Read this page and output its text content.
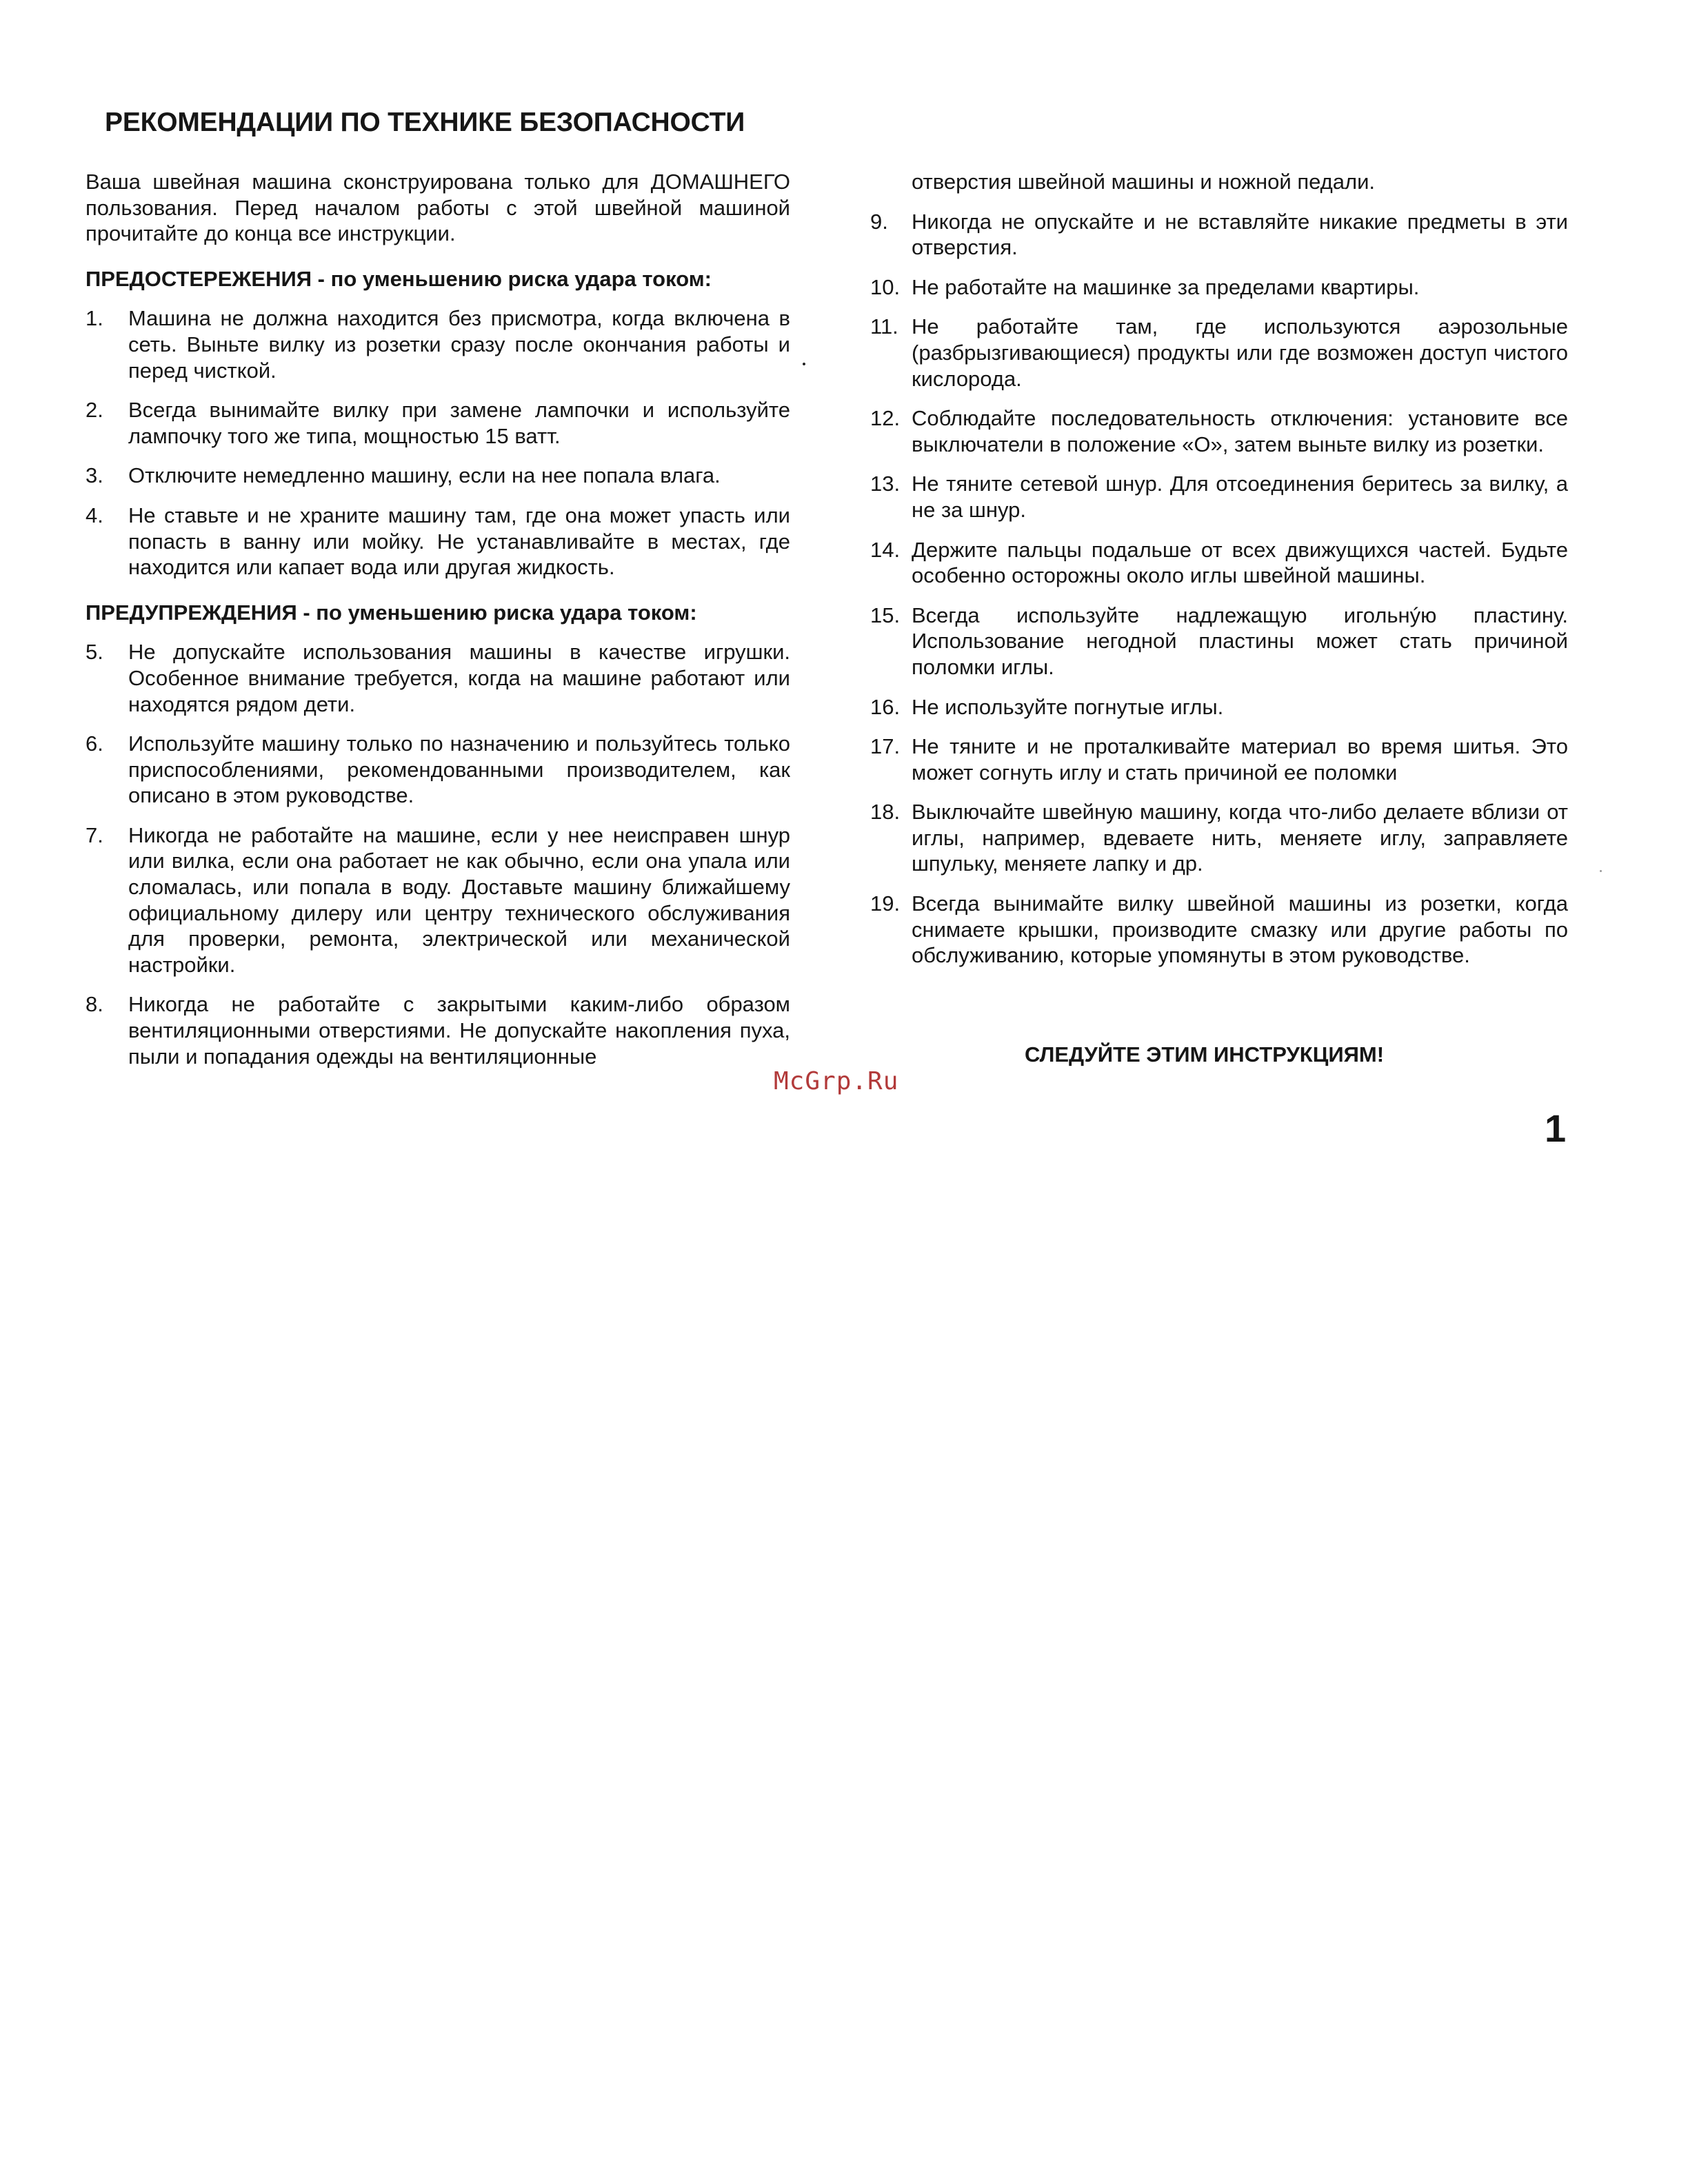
РЕКОМЕНДАЦИИ ПО ТЕХНИКЕ БЕЗОПАСНОСТИ

Ваша швейная машина сконструирована только для ДОМАШНЕГО пользования. Перед началом работы с этой швейной машиной прочитайте до конца все инструкции.

ПРЕДОСТЕРЕЖЕНИЯ - по уменьшению риска удара током:
1.	Машина не должна находится без присмотра, когда включена в сеть. Выньте вилку из розетки сразу после окончания работы и перед чисткой.
2.	Всегда вынимайте вилку при замене лампочки и используйте лампочку того же типа, мощностью 15 ватт.
3.	Отключите немедленно машину, если на нее попала влага.
4.	Не ставьте и не храните машину там, где она может упасть или попасть в ванну или мойку. Не устанавливайте в местах, где находится или капает вода или другая жидкость.
ПРЕДУПРЕЖДЕНИЯ - по уменьшению риска удара током:
5.	Не допускайте использования машины в качестве игрушки. Особенное внимание требуется, когда на машине работают или находятся рядом дети.
6.	Используйте машину только по назначению и пользуйтесь только приспособлениями, рекомендованными производителем, как описано в этом руководстве.
7.	Никогда не работайте на машине, если у нее неисправен шнур или вилка, если она работает не как обычно, если она упала или сломалась, или попала в воду. Доставьте машину ближайшему официальному дилеру или центру технического обслуживания для проверки, ремонта, электрической или механической настройки.
8.	Никогда не работайте с закрытыми каким-либо образом вентиляционными отверстиями. Не допускайте накопления пуха, пыли и попадания одежды на вентиляционные
отверстия швейной машины и ножной педали.
9.	Никогда не опускайте и не вставляйте никакие предметы в эти отверстия.
10. Не работайте на машинке за пределами квартиры.
11. Не работайте там, где используются аэрозольные (разбрызгивающиеся) продукты или где возможен доступ чистого кислорода.
12. Соблюдайте последовательность отключения: установите все выключатели в положение «О», затем выньте вилку из розетки.
13. Не тяните сетевой шнур. Для отсоединения беритесь за вилку, а не за шнур.
14. Держите пальцы подальше от всех движущихся частей. Будьте особенно осторожны около иглы швейной машины.
15. Всегда используйте надлежащую игольнýю пластину. Использование негодной пластины может стать причиной поломки иглы.
16. Не используйте погнутые иглы.
17. Не тяните и не проталкивайте материал во время шитья. Это может согнуть иглу и стать причиной ее поломки
18. Выключайте швейную машину, когда что-либо делаете вблизи от иглы, например, вдеваете нить, меняете иглу, заправляете шпульку, меняете лапку и др.
19. Всегда вынимайте вилку швейной машины из розетки, когда снимаете крышки, производите смазку или другие работы по обслуживанию, которые упомянуты в этом руководстве.
СЛЕДУЙТЕ ЭТИМ ИНСТРУКЦИЯМ!
McGrp.Ru
1
